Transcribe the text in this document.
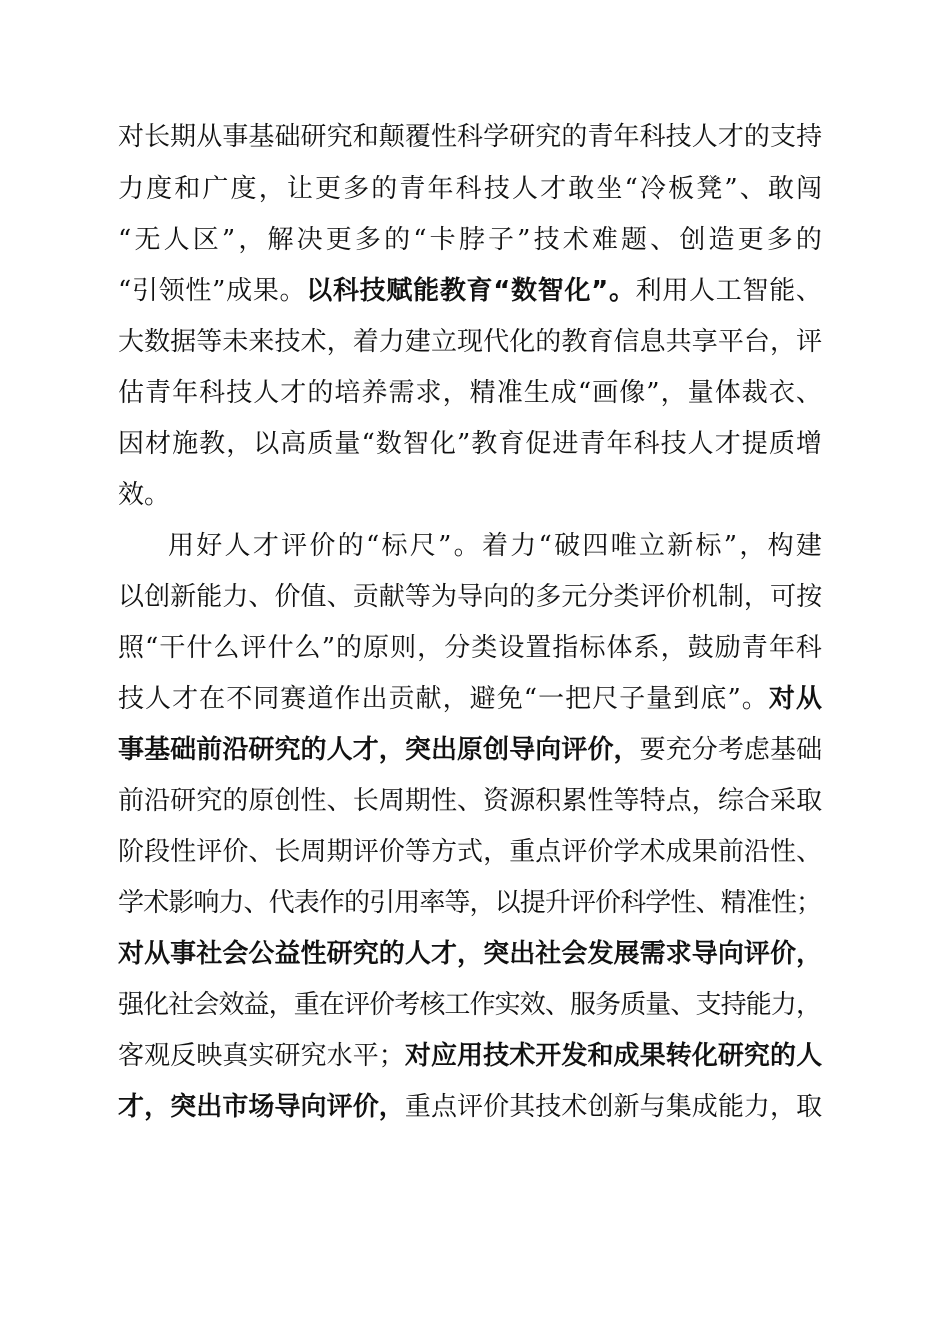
对长期从事基础研究和颠覆性科学研究的青年科技人才的支持
力度和广度，让更多的青年科技人才敢坐“冷板凳”、敢闯
“无人区”，解决更多的“卡脖子”技术难题、创造更多的
“引领性”成果。以科技赋能教育“数智化”。利用人工智能、
大数据等未来技术，着力建立现代化的教育信息共享平台，评
估青年科技人才的培养需求，精准生成“画像”，量体裁衣、
因材施教，以高质量“数智化”教育促进青年科技人才提质增
效。
用好人才评价的“标尺”。着力“破四唯立新标”，构建
以创新能力、价值、贡献等为导向的多元分类评价机制，可按
照“干什么评什么”的原则，分类设置指标体系，鼓励青年科
技人才在不同赛道作出贡献，避免“一把尺子量到底”。对从
事基础前沿研究的人才，突出原创导向评价，要充分考虑基础
前沿研究的原创性、长周期性、资源积累性等特点，综合采取
阶段性评价、长周期评价等方式，重点评价学术成果前沿性、
学术影响力、代表作的引用率等，以提升评价科学性、精准性；
对从事社会公益性研究的人才，突出社会发展需求导向评价，
强化社会效益，重在评价考核工作实效、服务质量、支持能力，
客观反映真实研究水平；对应用技术开发和成果转化研究的人
才，突出市场导向评价，重点评价其技术创新与集成能力，取
